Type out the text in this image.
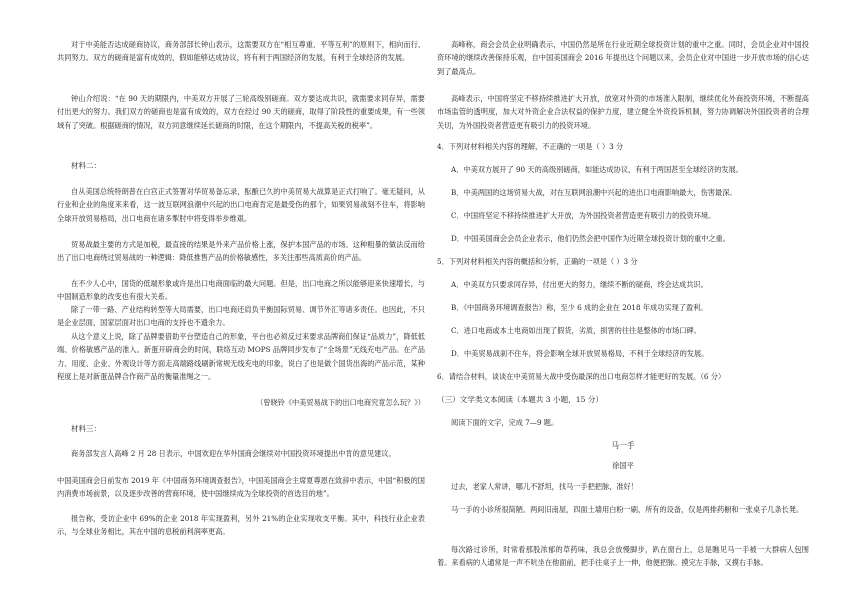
对于中美能否达成磋商协议，商务部部长钟山表示，这需要双方在“相互尊重、平等互利”的原则下，相向而行、共同努力。双方的磋商是富有成效的，假如能够达成协议，将有利于两国经济的发展，有利于全球经济的发展。

钟山介绍说：“在 90 天的期限内，中美双方开展了三轮高级别磋商。双方要达成共识，就需要求同存异，需要付出更大的努力。我们双方的磋商也是富有成效的，双方在经过 90 天的磋商，取得了阶段性的重要成果，有一些领域有了突破。根据磋商的情况，双方同意继续延长磋商的时限，在这个期限内，不提高关税的税率”。

材料二：

自从美国总统特朗普在白宫正式签署对华贸易备忘录，酝酿已久的中美贸易大战算是正式打响了。毫无疑问，从行业和企业的角度来来看，这一波互联网浪潮中兴起的出口电商肯定是最受伤的那个，如果贸易战刻不住车，将影响全球开放贸易格局，出口电商在诸多掣肘中将变得举步维艰。

贸易战最主要的方式是加税，最直接的结果是外来产品价格上涨，保护本国产品的市场。这种粗暴的做法反而给出了出口电商绕过贸易战的一种逻辑：降低推售产品的价格敏感性，多关注那些高质高价的产品。

在不少人心中，国货的低端形象或许是出口电商面临的最大问题。但是，出口电商之所以能够迎来快速增长，与中国制造形象的改变也有很大关系。

除了一带一路、产业结构转型等大局需要，出口电商还肩负平衡国际贸易、调节外汇等诸多责任。也因此，不只是企业层面，国家层面对出口电商的支持也不遗余力。

从这个意义上说，除了品牌要借助平台塑造自己的形象，平台也必须反过来要求品牌商们保证“品质力”，降低低端、价格敏感产品的准入。新蛋开辟商会的时间，联络互动 MOPS 品牌同步发布了“全场景”无线充电产品。在产品力、用度、企业、外观设计等方面走高端路线刷新常规无线充电的印象，说白了也是做个国货出海的产品示范，某种程度上是对新蛋品牌合作商产品的衡量准绳之一。

（曾晓铃《中美贸易战下的出口电商究竟怎么玩？》）

材料三：

商务部发言人高峰 2 月 28 日表示，中国欢迎在华外国商会继续对中国投资环境提出中肯的意见建议。

中国美国商会日前发布 2019 年《中国商务环境调查报告》，中国美国商会主席夏尊恩在致辞中表示，中国“积极的国内消费市场前景，以及逐步改善的营商环境，使中国继续成为全球投资的首选目的地”。

报告称，受访企业中 69%的企业 2018 年实现盈利，另外 21%的企业实现收支平衡。其中，科技行业企业表示，与全球业务相比，其在中国的息税前利润率更高。

高峰称，商会会员企业明确表示，中国仍然是所在行业近期全球投资计划的重中之重。同时，会员企业对中国投资环境的继续改善保持乐观，自中国美国商会 2016 年提出这个问题以来，会员企业对中国进一步开放市场的信心达到了最高点。

高峰表示，中国将坚定不移持续推进扩大开放，放宽对外资的市场准入限制，继续优化外商投资环境，不断提高市场监管的透明度，加大对外资企业合法权益的保护力度，建立健全外资投诉机制，努力协调解决外国投资者的合理关切，为外国投资者营造更有吸引力的投资环境。

4．下列对材料相关内容的理解，不正确的一项是（ ）3 分

A．中美双方展开了 90 天的高级别磋商，如能达成协议，有利于两国甚至全球经济的发展。

B．中美两国的这场贸易大战，对在互联网浪潮中兴起的进出口电商影响最大，伤害最深。

C．中国将坚定不移持续推进扩大开放，为外国投资者营造更有吸引力的投资环境。

D．中国美国商会会员企业表示，他们仍然会把中国作为近期全球投资计划的重中之重。

5．下列对材料相关内容的概括和分析，正确的一项是（ ）3 分

A．中美双方只要求同存异，付出更大的努力，继续不断的磋商，终会达成共识。

B．《中国商务环境调查报告》称，至少 6 成的企业在 2018 年成功实现了盈利。

C．进口电商或本土电商如出现了假货，劣质，损害的往往是整体的市场口碑。

D．中美贸易战刹不住车，将会影响全球开放贸易格局，不利于全球经济的发展。

6．请结合材料，谈谈在中美贸易大战中受伤最深的出口电商怎样才能更好的发展。（6 分）

（三）文学类文本阅读（本题共 3 小题，15 分）

阅读下面的文字，完成 7—9 题。

马一手

徐国平

过去，老家人常讲，哪儿不舒坦，找马一手把把脉，准好！

马一手的小诊所很简陋。两间旧南屋，四面土墙用白粉一刷，所有的设备，仅是两排药橱和一张桌子几条长凳。

每次路过诊所，时常看那股浓郁的草药味，我总会放慢脚步，趴在窗台上，总是瞧见马一手被一大群病人包围着。来看病的人通常是一声不吭坐在他面前，把手往桌子上一伸，他便把脉。摸完左手脉，又摸右手脉。
